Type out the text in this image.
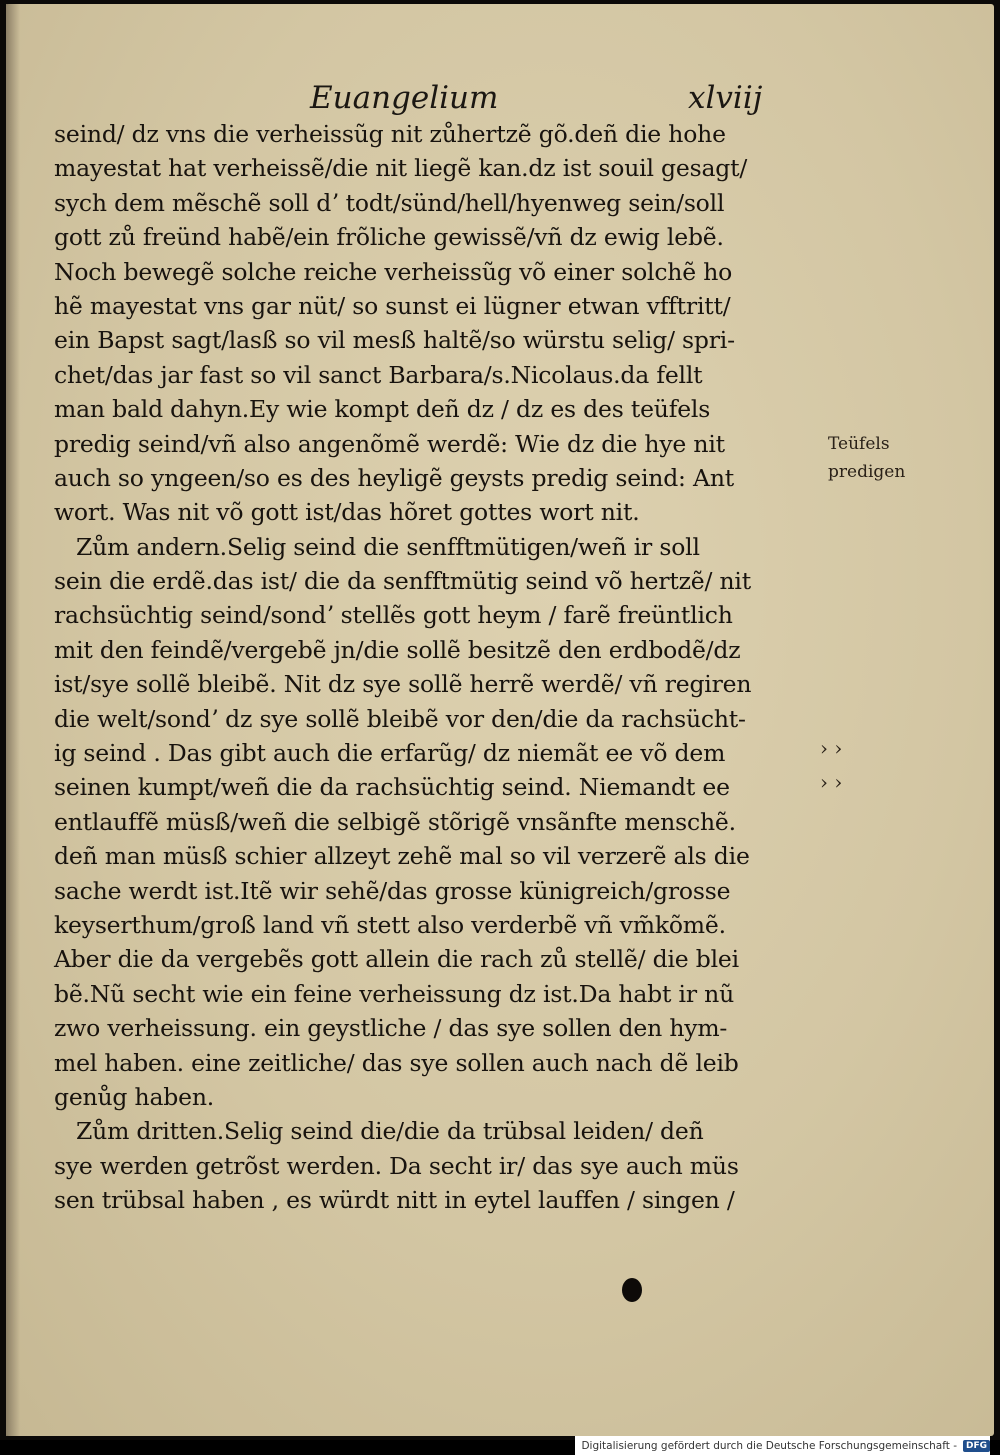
Euangelium	xlviij
seind/ dz vns die verheissũg nit zůhertzẽ gõ.deñ die hohe
mayestat hat verheissẽ/die nit liegẽ kan.dz ist souil gesagt/
sych dem mẽschẽ soll dʼ todt/sünd/hell/hyenweg sein/soll
gott zů freünd habẽ/ein frõliche gewissẽ/vñ dz ewig lebẽ.
Noch bewegẽ solche reiche verheissũg võ einer solchẽ ho
hẽ mayestat vns gar nüt/ so sunst ei lügner etwan vfftritt/
ein Bapst sagt/lasß so vil mesß haltẽ/so würstu selig/ spri‑
chet/das jar fast so vil sanct Barbara/s.Nicolaus.da fellt
man bald dahyn.Ey wie kompt deñ dz / dz es des teüfels
predig seind/vñ also angenõmẽ werdẽ: Wie dz die hye nit
auch so yngeen/so es des heyligẽ geysts predig seind: Ant
wort. Was nit võ gott ist/das hõret gottes wort nit.
Zům andern.Selig seind die senfftmütigen/weñ ir soll
sein die erdẽ.das ist/ die da senfftmütig seind võ hertzẽ/ nit
rachsüchtig seind/sondʼ stellẽs gott heym / farẽ freüntlich
mit den feindẽ/vergebẽ jn/die sollẽ besitzẽ den erdbodẽ/dz
ist/sye sollẽ bleibẽ. Nit dz sye sollẽ herrẽ werdẽ/ vñ regiren
die welt/sondʼ dz sye sollẽ bleibẽ vor den/die da rachsücht‑
ig seind . Das gibt auch die erfarũg/ dz niemãt ee võ dem
seinen kumpt/weñ die da rachsüchtig seind. Niemandt ee
entlauffẽ müsß/weñ die selbigẽ stõrigẽ vnsãnfte menschẽ.
deñ man müsß schier allzeyt zehẽ mal so vil verzerẽ als die
sache werdt ist.Itẽ wir sehẽ/das grosse künigreich/grosse
keyserthum/groß land vñ stett also verderbẽ vñ vm̃kõmẽ.
Aber die da vergebẽs gott allein die rach zů stellẽ/ die blei
bẽ.Nũ secht wie ein feine verheissung dz ist.Da habt ir nũ
zwo verheissung. ein geystliche / das sye sollen den hym‑
mel haben. eine zeitliche/ das sye sollen auch nach dẽ leib
genůg haben.
Zům dritten.Selig seind die/die da trübsal leiden/ deñ
sye werden getrõst werden. Da secht ir/ das sye auch müs
sen trübsal haben , es würdt nitt in eytel lauffen / singen /
Teüfels
predigen
› ›
› ›
Digitalisierung gefördert durch die Deutsche Forschungsgemeinschaft -	DFG
